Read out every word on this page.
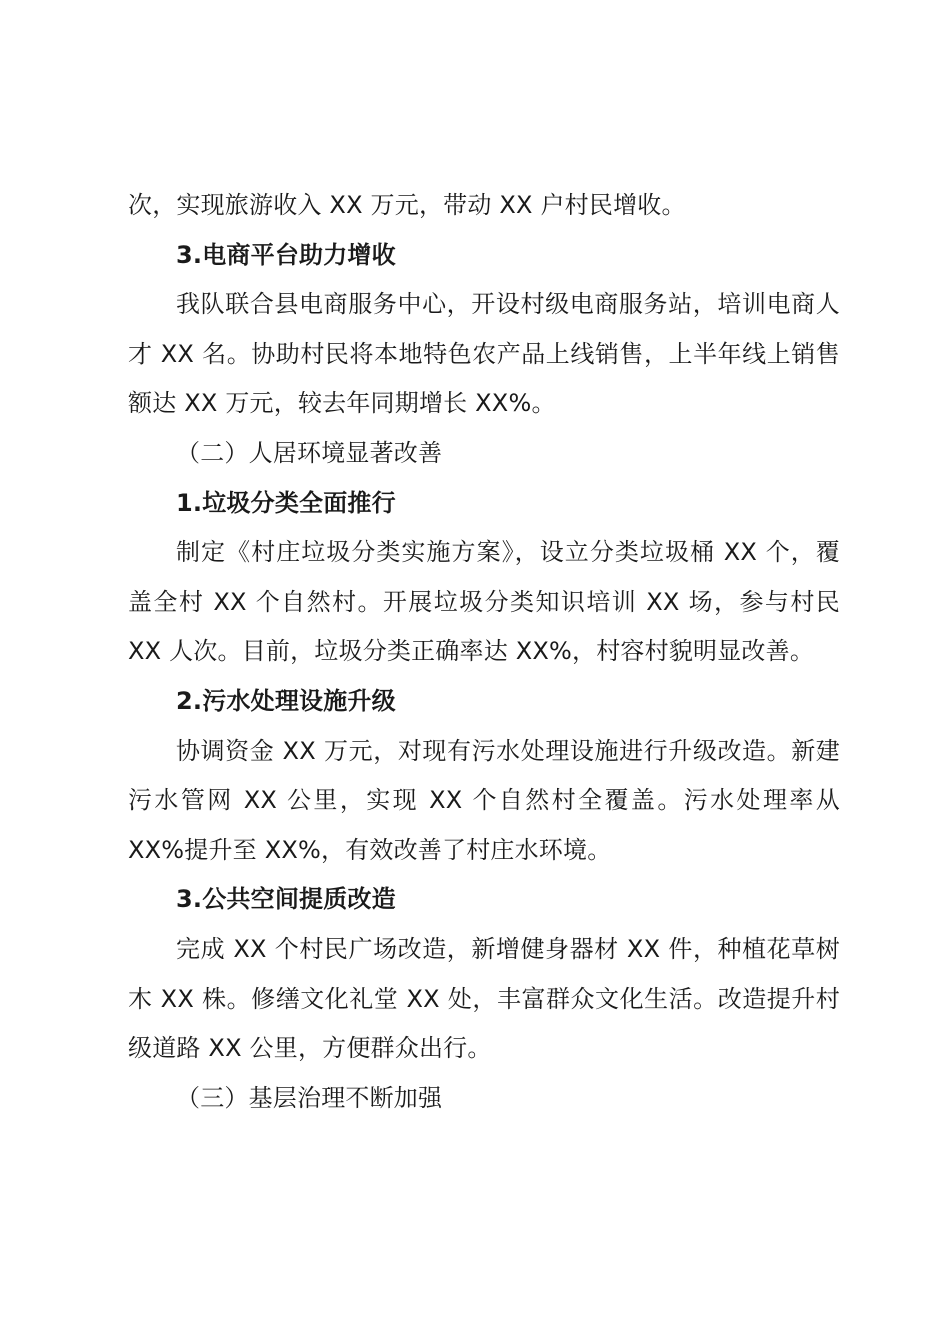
次，实现旅游收入 XX 万元，带动 XX 户村民增收。

3.电商平台助力增收

我队联合县电商服务中心，开设村级电商服务站，培训电商人才 XX 名。协助村民将本地特色农产品上线销售，上半年线上销售额达 XX 万元，较去年同期增长 XX%。

（二）人居环境显著改善

1.垃圾分类全面推行

制定《村庄垃圾分类实施方案》，设立分类垃圾桶 XX 个，覆盖全村 XX 个自然村。开展垃圾分类知识培训 XX 场，参与村民 XX 人次。目前，垃圾分类正确率达 XX%，村容村貌明显改善。

2.污水处理设施升级

协调资金 XX 万元，对现有污水处理设施进行升级改造。新建污水管网 XX 公里，实现 XX 个自然村全覆盖。污水处理率从 XX%提升至 XX%，有效改善了村庄水环境。

3.公共空间提质改造

完成 XX 个村民广场改造，新增健身器材 XX 件，种植花草树木 XX 株。修缮文化礼堂 XX 处，丰富群众文化生活。改造提升村级道路 XX 公里，方便群众出行。

（三）基层治理不断加强
